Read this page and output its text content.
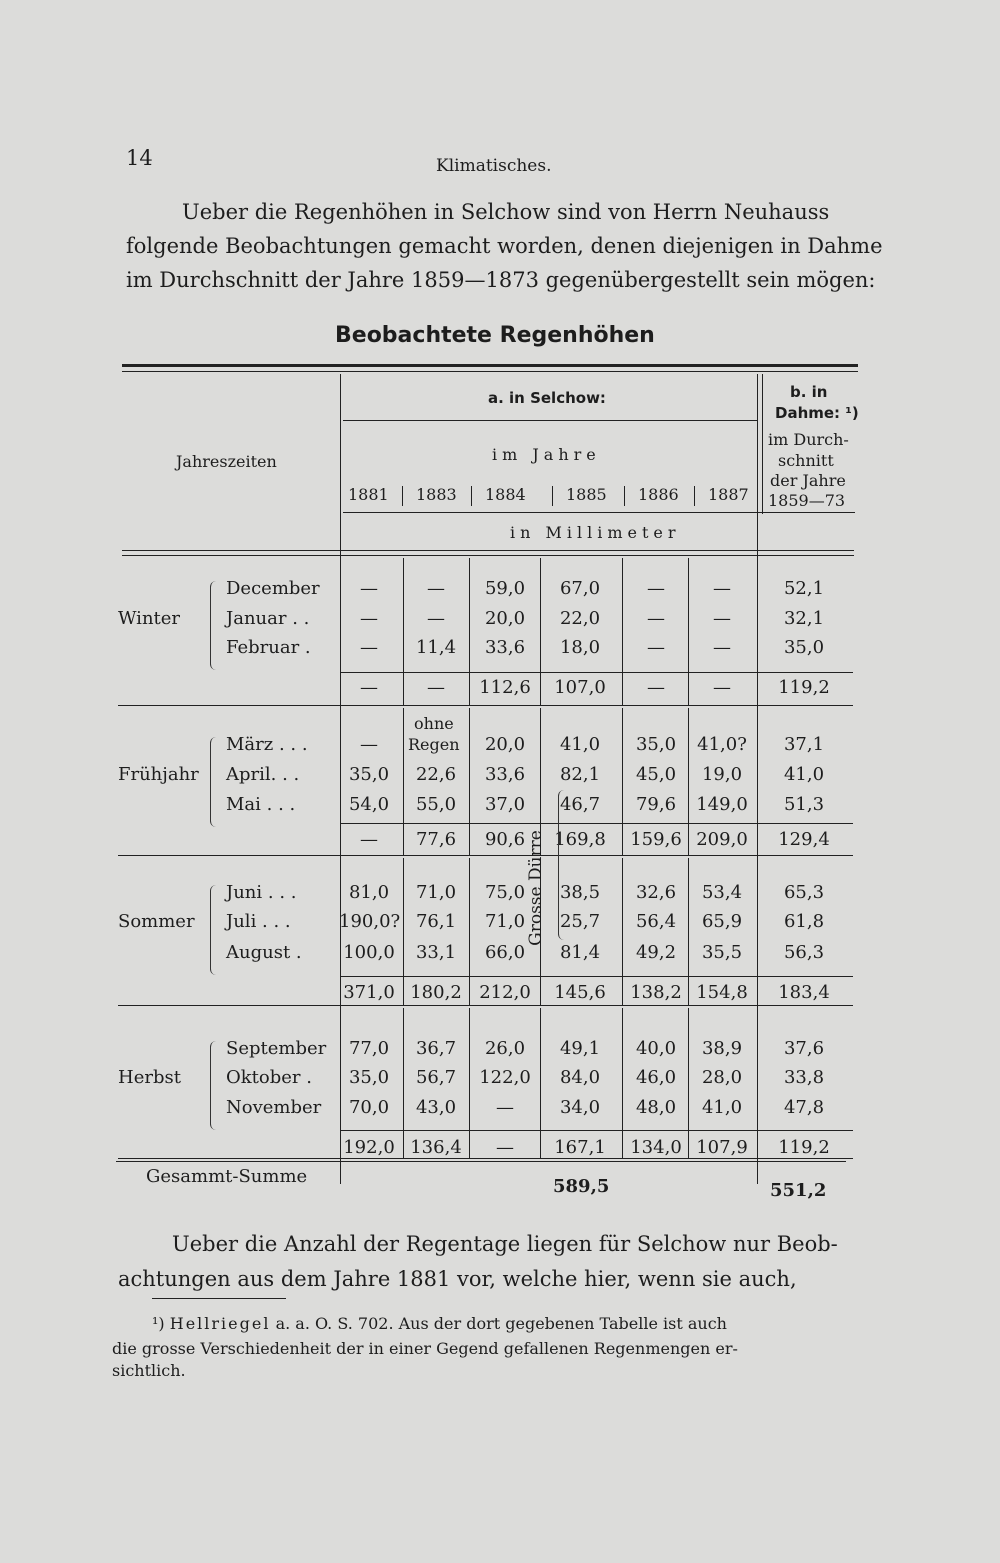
14	Klimatisches.
Ueber die Regenhöhen in Selchow sind von Herrn Neuhauss
folgende Beobachtungen gemacht worden, denen diejenigen in Dahme
im Durchschnitt der Jahre 1859—1873 gegenübergestellt sein mögen:
Beobachtete Regenhöhen
1881 1883 1884	1885 1886 1887
Winter
December	—	—	59,0	67,0	—	—	52,1
Januar . .	—	—	20,0	22,0	—	—	32,1
Februar .	—	11,4	33,6	18,0	—	—	35,0
—	—	112,6 107,0	—	—	119,2
Frühjahr
März . . .	—	20,0	41,0	35,0	41,0?	37,1
April. . .	35,0	22,6	33,6	82,1	45,0	19,0	41,0
Mai . . .	54,0	55,0	37,0	46,7	79,6	149,0	51,3
—	77,6	90,6	169,8 159,6 209,0 129,4
Sommer
Juni . . .	81,0	71,0	75,0	38,5	32,6	53,4	65,3
Juli . . .	190,0? 76,1	71,0	25,7	56,4	65,9	61,8
August . 100,0	33,1	66,0	81,4	49,2	35,5	56,3
371,0 180,2 212,0 145,6 138,2 154,8 183,4
Herbst
September	77,0	36,7	26,0	49,1	40,0	38,9	37,6
Oktober .	35,0	56,7	122,0	84,0	46,0	28,0	33,8
November	70,0	43,0	—	34,0	48,0	41,0	47,8
192,0 136,4	—	167,1 134,0 107,9 119,2
Jahreszeiten
a. in Selchow:	b. in
Dahme: ¹)
im Jahre
im Durch-
schnitt
der Jahre
1859—73
in Millimeter
ohne
Regen
Grosse Dürre
Gesammt-Summe	589,5	551,2
Ueber die Anzahl der Regentage liegen für Selchow nur Beob-
achtungen aus dem Jahre 1881 vor, welche hier, wenn sie auch,
¹) Hellriegel a. a. O. S. 702. Aus der dort gegebenen Tabelle ist auch
die grosse Verschiedenheit der in einer Gegend gefallenen Regenmengen er-
sichtlich.
